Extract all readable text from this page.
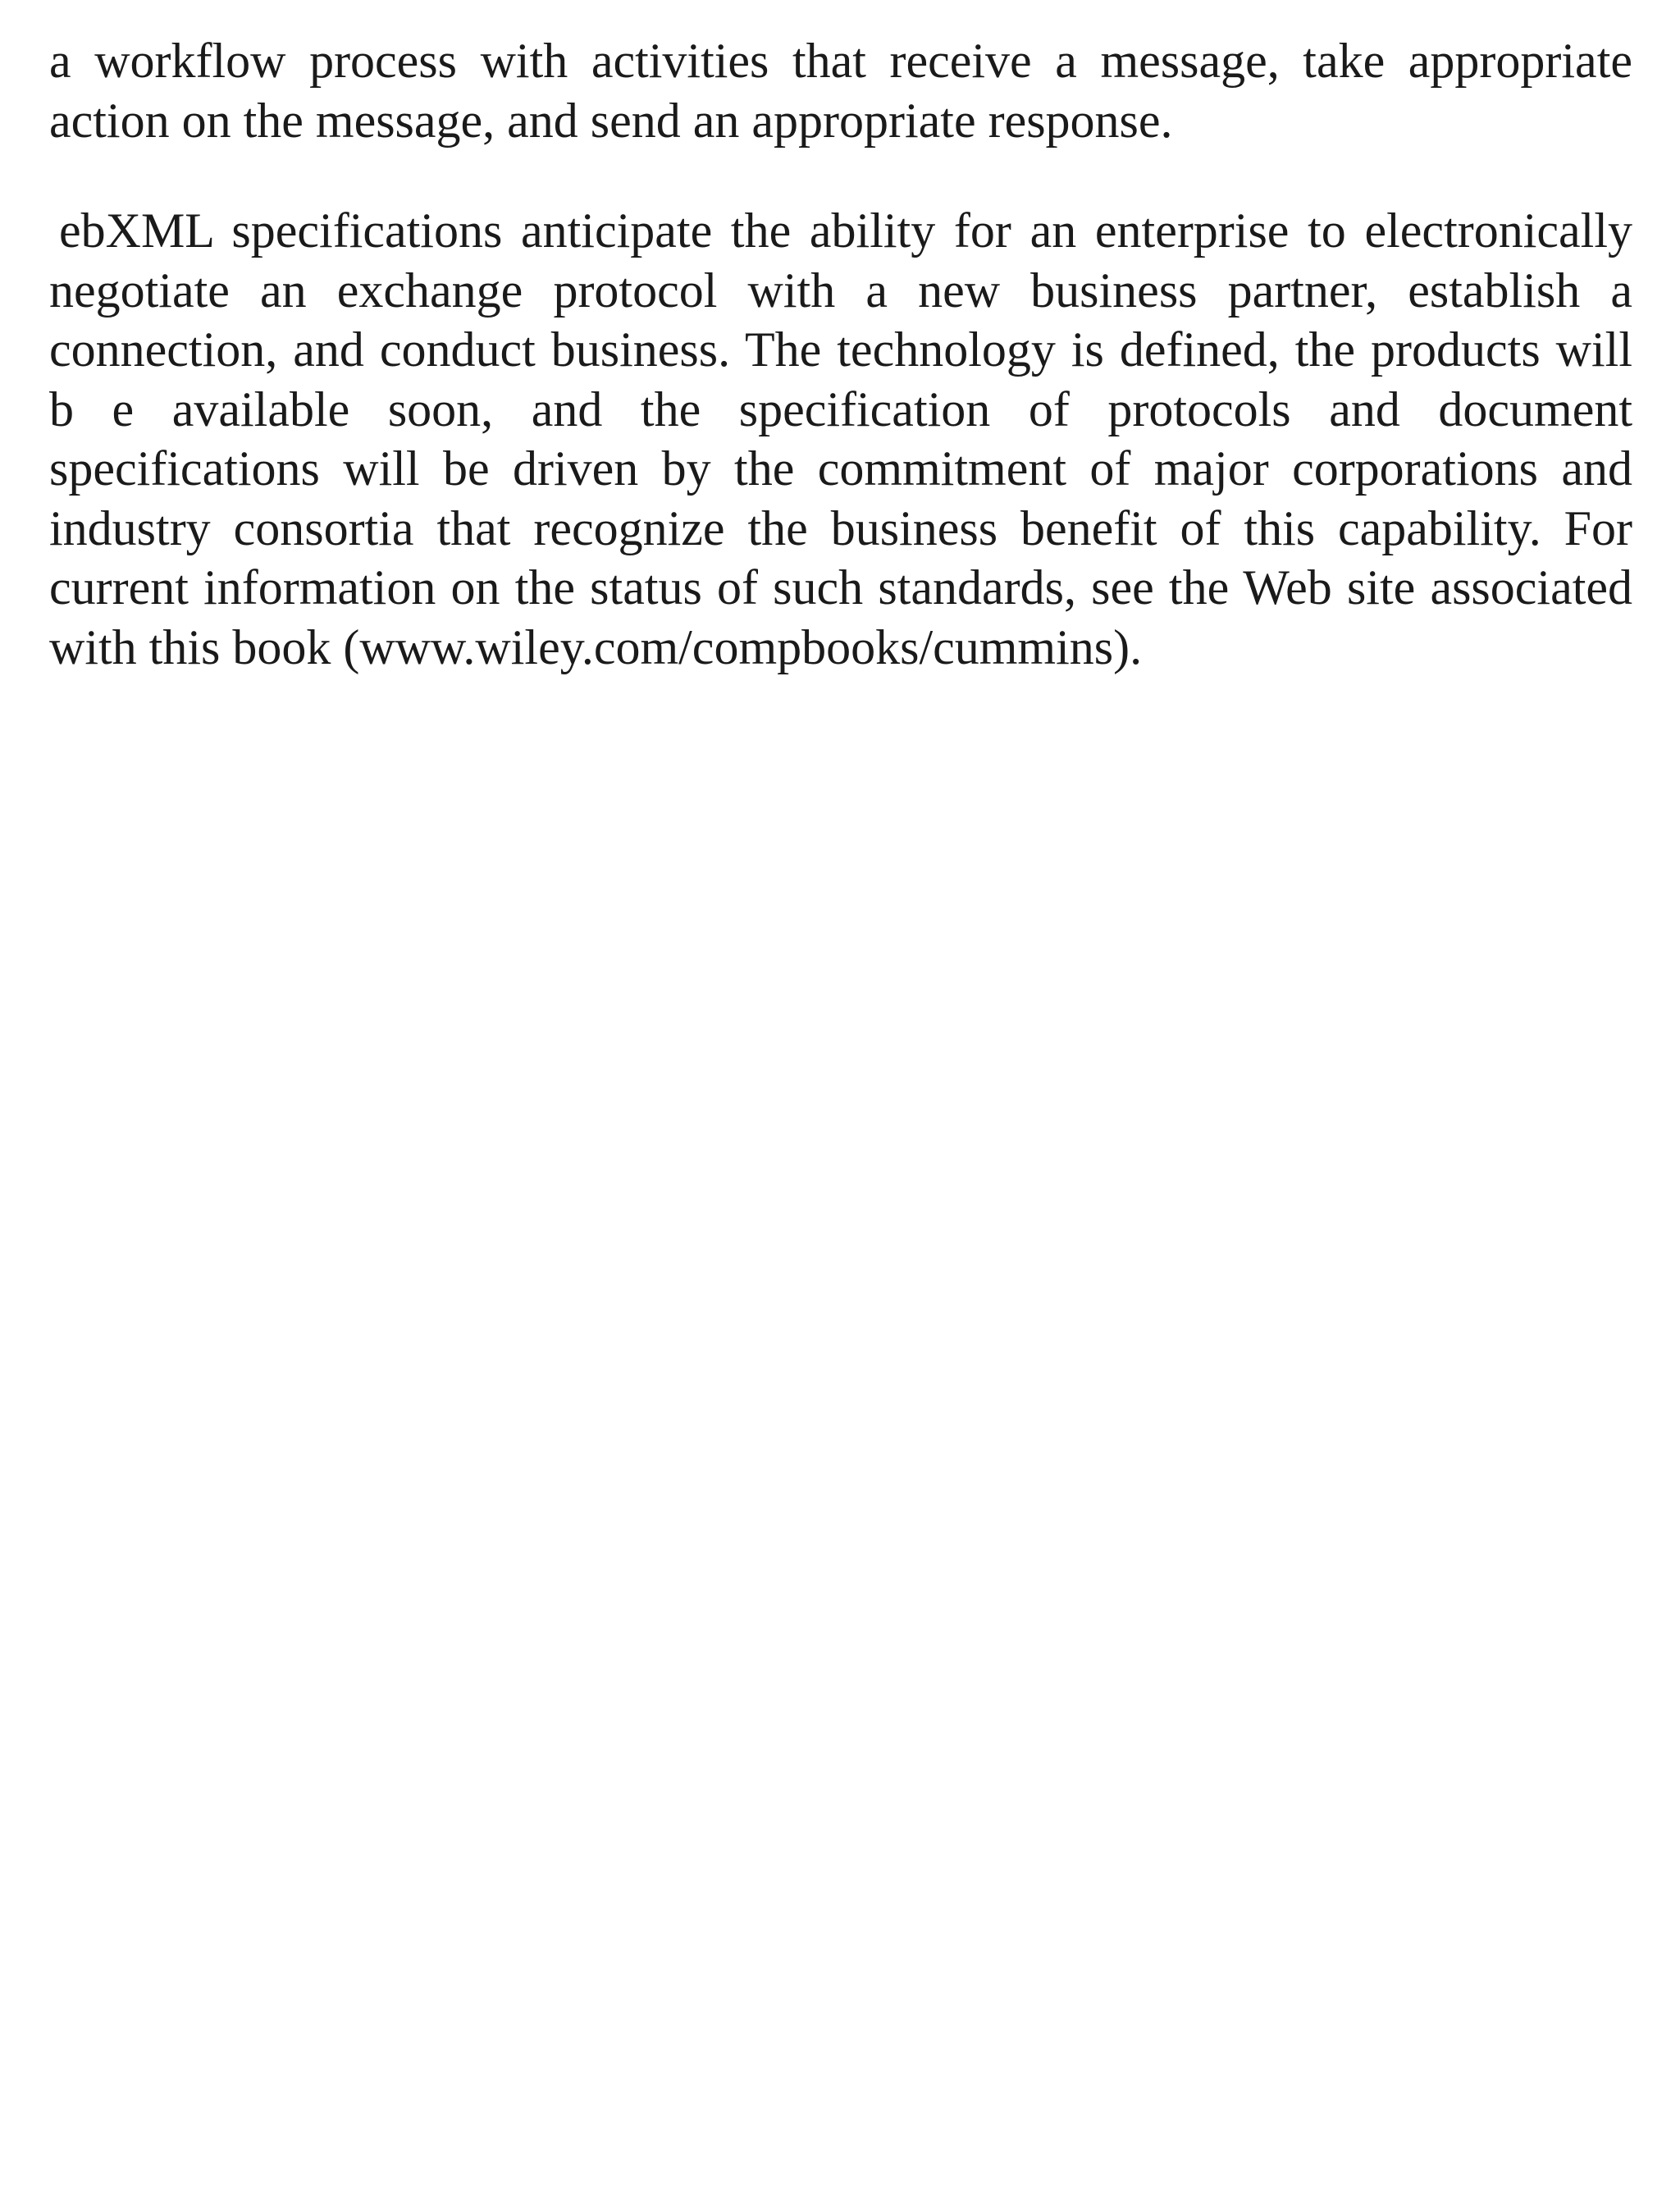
a workflow process with activities that receive a message, take appropriate action on the message, and send an appropriate response.

ebXML specifications anticipate the ability for an enterprise to electronically negotiate an exchange protocol with a new business partner, establish a connection, and conduct business. The technology is defined, the products will b e available soon, and the specification of protocols and document specifications will be driven by the commitment of major corporations and industry consortia that recognize the business benefit of this capability. For current information on the status of such standards, see the Web site associated with this book (www.wiley.com/compbooks/cummins).
